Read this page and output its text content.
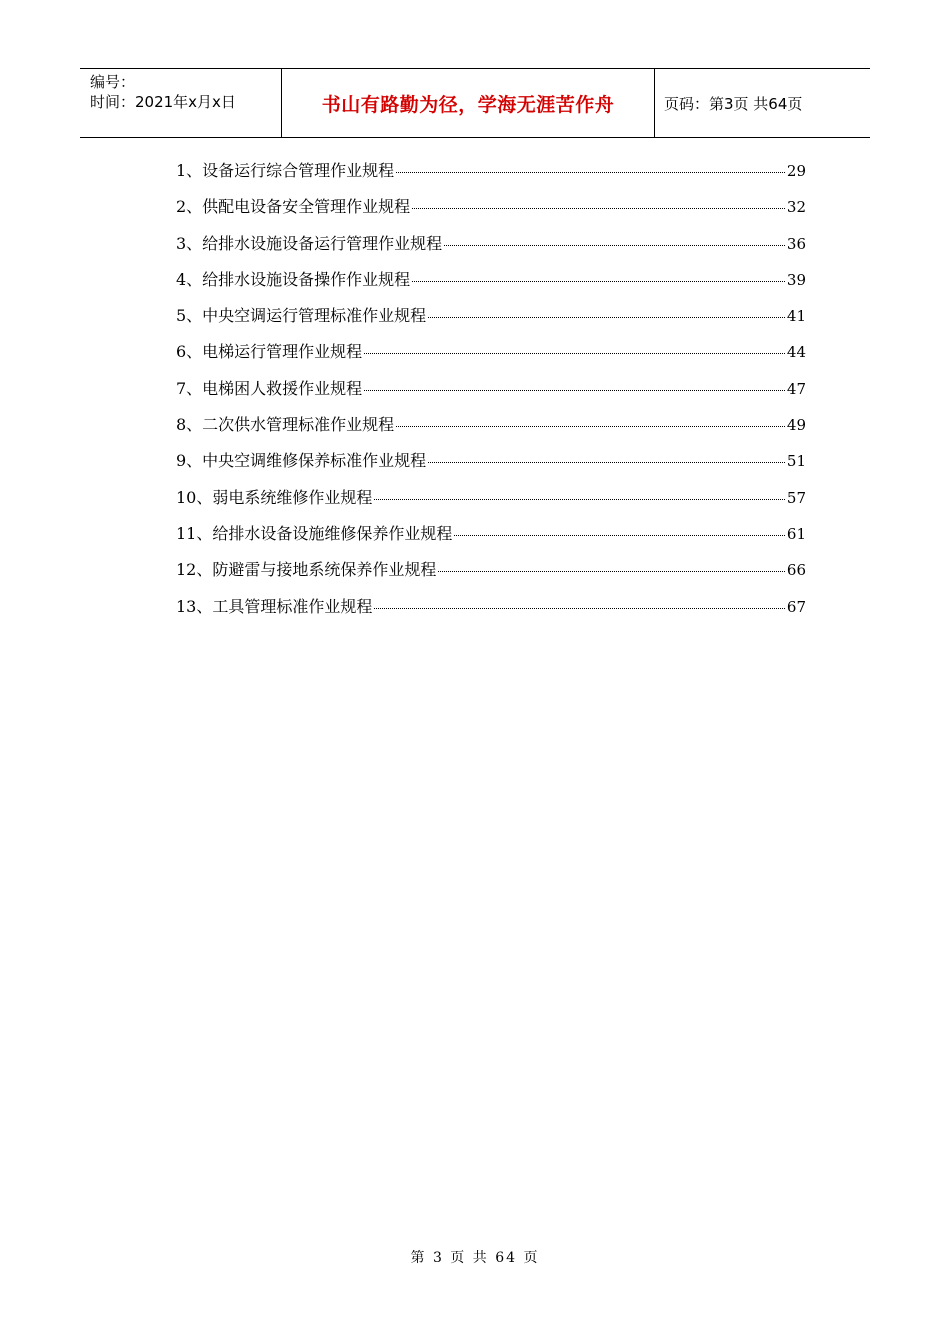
编号：
时间：2021年x月x日	书山有路勤为径，学海无涯苦作舟	页码：第3页 共64页
1、设备运行综合管理作业规程	29
2、供配电设备安全管理作业规程	32
3、给排水设施设备运行管理作业规程	36
4、给排水设施设备操作作业规程	39
5、中央空调运行管理标准作业规程	41
6、电梯运行管理作业规程	44
7、电梯困人救援作业规程	47
8、二次供水管理标准作业规程	49
9、中央空调维修保养标准作业规程	51
10、弱电系统维修作业规程	57
11、给排水设备设施维修保养作业规程	61
12、防避雷与接地系统保养作业规程	66
13、工具管理标准作业规程	67
第 3 页 共 64 页
